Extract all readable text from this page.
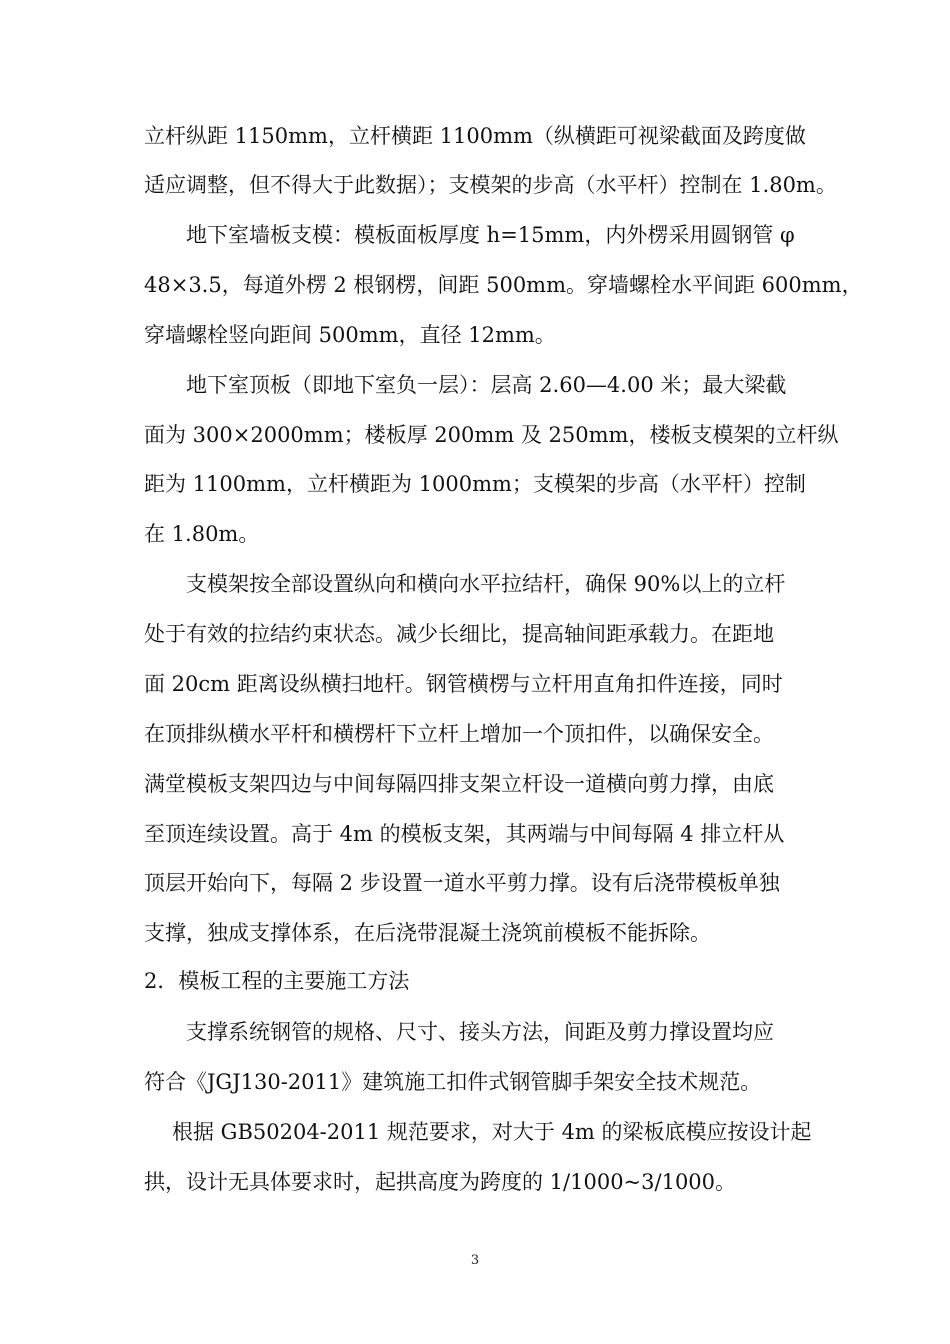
立杆纵距 1150mm，立杆横距 1100mm（纵横距可视梁截面及跨度做
适应调整，但不得大于此数据）；支模架的步高（水平杆）控制在 1.80m。
地下室墙板支模：模板面板厚度 h=15mm，内外楞采用圆钢管 φ
48×3.5，每道外楞 2 根钢楞，间距 500mm。穿墙螺栓水平间距 600mm，
穿墙螺栓竖向距间 500mm，直径 12mm。
地下室顶板（即地下室负一层）：层高 2.60—4.00 米；最大梁截
面为 300×2000mm；楼板厚 200mm 及 250mm，楼板支模架的立杆纵
距为 1100mm，立杆横距为 1000mm；支模架的步高（水平杆）控制
在 1.80m。
支模架按全部设置纵向和横向水平拉结杆，确保 90%以上的立杆
处于有效的拉结约束状态。减少长细比，提高轴间距承载力。在距地
面 20cm 距离设纵横扫地杆。钢管横楞与立杆用直角扣件连接，同时
在顶排纵横水平杆和横楞杆下立杆上增加一个顶扣件，以确保安全。
满堂模板支架四边与中间每隔四排支架立杆设一道横向剪力撑，由底
至顶连续设置。高于 4m 的模板支架，其两端与中间每隔 4 排立杆从
顶层开始向下，每隔 2 步设置一道水平剪力撑。设有后浇带模板单独
支撑，独成支撑体系，在后浇带混凝土浇筑前模板不能拆除。
2．模板工程的主要施工方法
支撑系统钢管的规格、尺寸、接头方法，间距及剪力撑设置均应
符合《JGJ130-2011》建筑施工扣件式钢管脚手架安全技术规范。
根据 GB50204-2011 规范要求，对大于 4m 的梁板底模应按设计起
拱，设计无具体要求时，起拱高度为跨度的 1/1000~3/1000。
3
